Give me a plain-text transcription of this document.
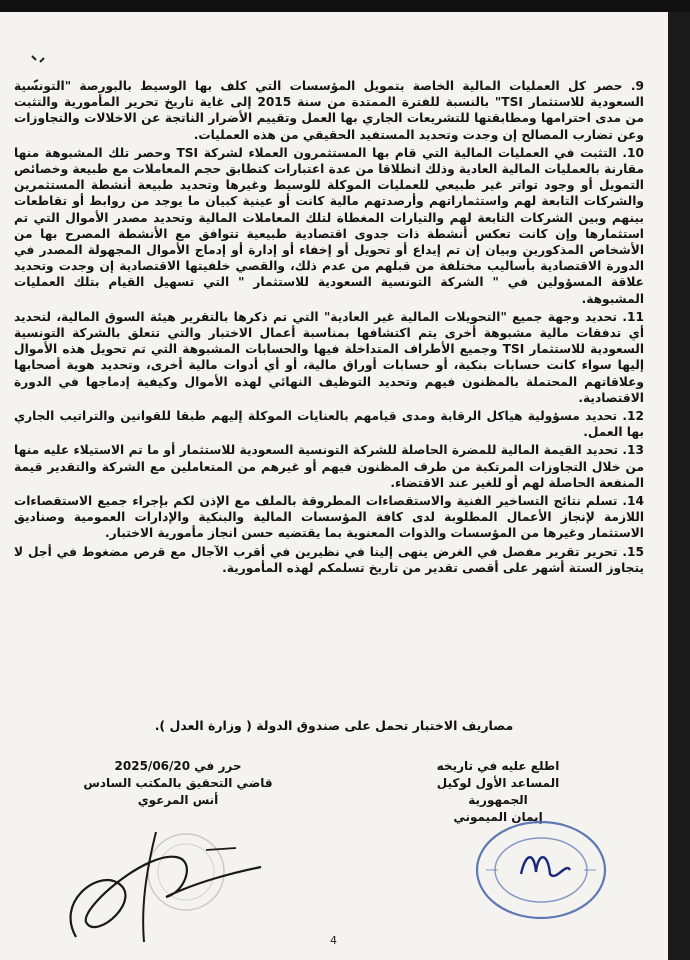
9. حصر كل العمليات المالية الخاصة بتمويل المؤسسات التي كلف بها الوسيط بالبورصة "التونسية السعودية للاستثمار TSI" بالنسبة للفترة الممتدة من سنة 2015 إلى غاية تاريخ تحرير المأمورية والتثبت من مدى احترامها ومطابقتها للتشريعات الجاري بها العمل وتقييم الأضرار الناتجة عن الاخلالات والتجاوزات وعن تضارب المصالح إن وجدت وتحديد المستفيد الحقيقي من هذه العمليات.
10. التثبت في العمليات المالية التي قام بها المستثمرون العملاء لشركة TSI وحصر تلك المشبوهة منها مقارنة بالعمليات المالية العادية وذلك انطلاقا من عدة اعتبارات كتطابق حجم المعاملات مع طبيعة وخصائص التمويل أو وجود تواتر غير طبيعي للعمليات الموكلة للوسيط وغيرها وتحديد طبيعة أنشطة المستثمرين والشركات التابعة لهم واستثماراتهم وأرصدتهم مالية كانت أو عينية كبيان ما يوجد من روابط أو تقاطعات بينهم وبين الشركات التابعة لهم والتيارات المغطاة لتلك المعاملات المالية وتحديد مصدر الأموال التي تم استثمارها وإن كانت تعكس أنشطة ذات جدوى اقتصادية طبيعية تتوافق مع الأنشطة المصرح بها من الأشخاص المذكورين وبيان إن تم إيداع أو تحويل أو إخفاء أو إدارة أو إدماج الأموال المجهولة المصدر في الدورة الاقتصادية بأساليب مختلفة من قبلهم من عدم ذلك، والقصي خلفيتها الاقتصادية إن وجدت وتحديد علاقة المسؤولين في " الشركة التونسية السعودية للاستثمار " التي تسهيل القيام بتلك العمليات المشبوهة.
11. تحديد وجهة جميع "التحويلات المالية غير العادية" التي تم ذكرها بالتقرير هيئة السوق المالية، لتحديد أي تدفقات مالية مشبوهة أخرى يتم اكتشافها بمناسبة أعمال الاختبار والتي تتعلق بالشركة التونسية السعودية للاستثمار TSI وجميع الأطراف المتداخلة فيها والحسابات المشبوهة التي تم تحويل هذه الأموال إليها سواء كانت حسابات بنكية، أو حسابات أوراق مالية، أو أي أدوات مالية أخرى، وتحديد هوية أصحابها وعلاقاتهم المحتملة بالمظنون فيهم وتحديد التوظيف النهائي لهذه الأموال وكيفية إدماجها في الدورة الاقتصادية.
12. تحديد مسؤولية هياكل الرقابة ومدى قيامهم بالعنايات الموكلة إليهم طبقا للقوانين والتراتيب الجاري بها العمل.
13. تحديد القيمة المالية للمضرة الحاصلة للشركة التونسية السعودية للاستثمار أو ما تم الاستيلاء عليه منها من خلال التجاوزات المرتكبة من طرف المظنون فيهم أو غيرهم من المتعاملين مع الشركة والتقدير قيمة المنفعة الحاصلة لهم أو للغير عند الاقتضاء.
14. تسلم نتائج التساخير الفنية والاستقصاءات المطروقة بالملف مع الإذن لكم بإجراء جميع الاستقصاءات اللازمة لإنجاز الأعمال المطلوبة لدى كافة المؤسسات المالية والبنكية والإدارات العمومية وصناديق الاستثمار وغيرها من المؤسسات والذوات المعنوية بما يقتضيه حسن انجاز مأمورية الاختبار.
15. تحرير تقرير مفصل في الغرض ينهى إلينا في نظيرين في أقرب الآجال مع قرص مضغوط في أجل لا يتجاوز الستة أشهر على أقصى تقدير من تاريخ تسلمكم لهذه المأمورية.
مصاريف الاختبار تحمل على صندوق الدولة ( وزارة العدل ).
حرر في 2025/06/20
قاضي التحقيق بالمكتب السادس
أنس المرعوي
اطلع عليه في تاريخه
المساعد الأول لوكيل الجمهورية
إيمان الميموني
4
